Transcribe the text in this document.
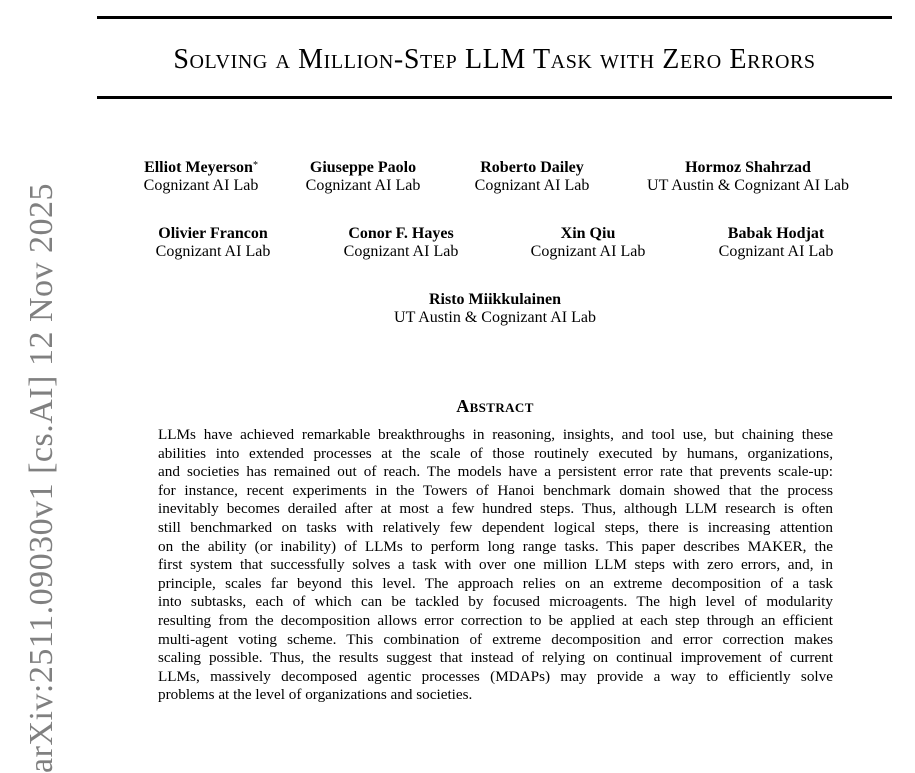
Solving a Million-Step LLM Task with Zero Errors
arXiv:2511.09030v1 [cs.AI] 12 Nov 2025
Elliot Meyerson*
Cognizant AI Lab
Giuseppe Paolo
Cognizant AI Lab
Roberto Dailey
Cognizant AI Lab
Hormoz Shahrzad
UT Austin & Cognizant AI Lab
Olivier Francon
Cognizant AI Lab
Conor F. Hayes
Cognizant AI Lab
Xin Qiu
Cognizant AI Lab
Babak Hodjat
Cognizant AI Lab
Risto Miikkulainen
UT Austin & Cognizant AI Lab
Abstract
LLMs have achieved remarkable breakthroughs in reasoning, insights, and tool use, but chaining these
abilities into extended processes at the scale of those routinely executed by humans, organizations,
and societies has remained out of reach. The models have a persistent error rate that prevents scale-up:
for instance, recent experiments in the Towers of Hanoi benchmark domain showed that the process
inevitably becomes derailed after at most a few hundred steps. Thus, although LLM research is often
still benchmarked on tasks with relatively few dependent logical steps, there is increasing attention
on the ability (or inability) of LLMs to perform long range tasks. This paper describes MAKER, the
first system that successfully solves a task with over one million LLM steps with zero errors, and, in
principle, scales far beyond this level. The approach relies on an extreme decomposition of a task
into subtasks, each of which can be tackled by focused microagents. The high level of modularity
resulting from the decomposition allows error correction to be applied at each step through an efficient
multi-agent voting scheme. This combination of extreme decomposition and error correction makes
scaling possible. Thus, the results suggest that instead of relying on continual improvement of current
LLMs, massively decomposed agentic processes (MDAPs) may provide a way to efficiently solve
problems at the level of organizations and societies.
